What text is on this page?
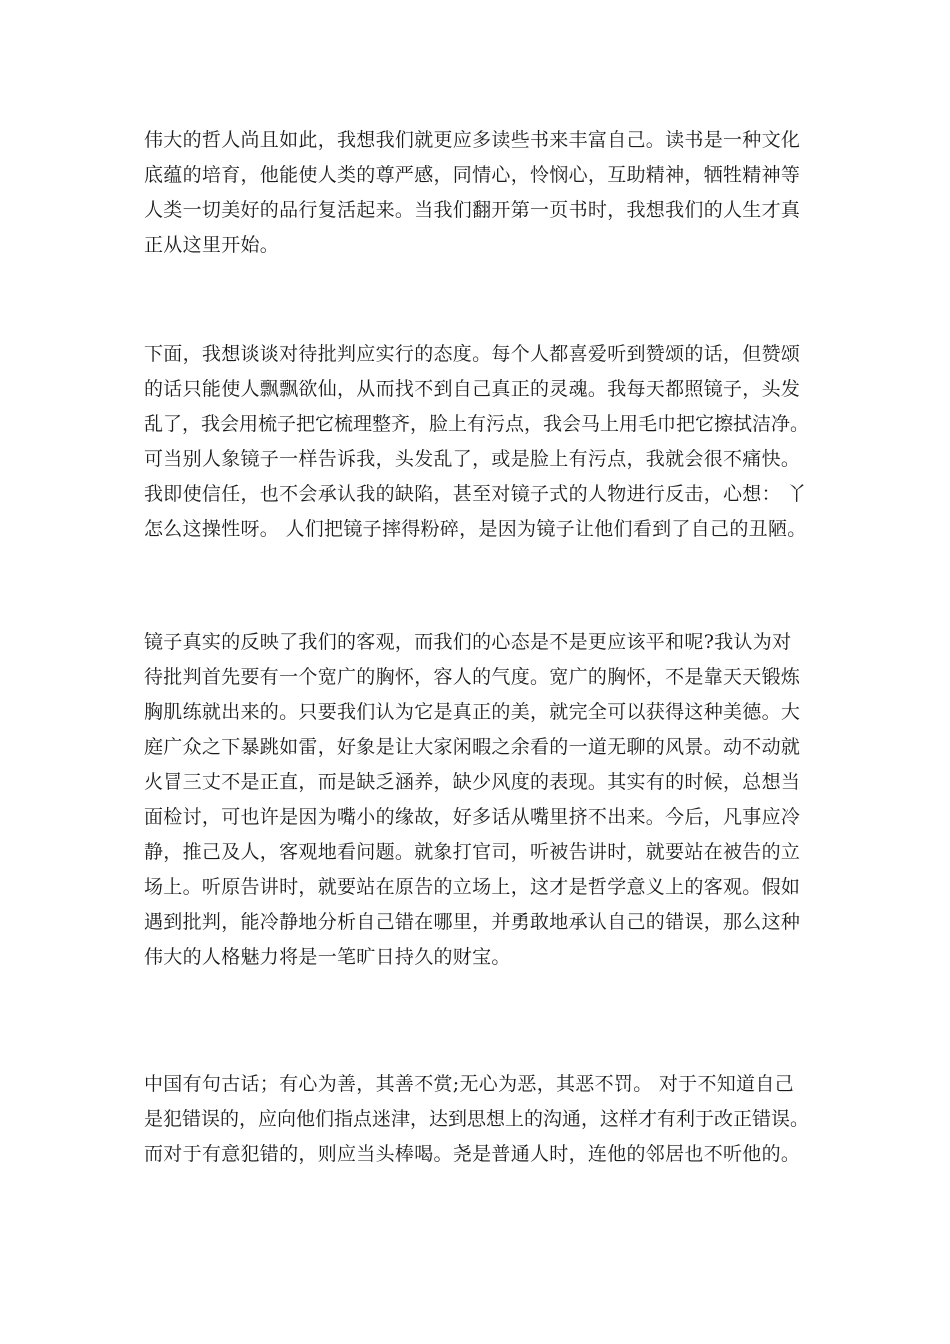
伟大的哲人尚且如此，我想我们就更应多读些书来丰富自己。读书是一种文化
底蕴的培育，他能使人类的尊严感，同情心，怜悯心，互助精神，牺牲精神等
人类一切美好的品行复活起来。当我们翻开第一页书时，我想我们的人生才真
正从这里开始。

下面，我想谈谈对待批判应实行的态度。每个人都喜爱听到赞颂的话，但赞颂
的话只能使人飘飘欲仙，从而找不到自己真正的灵魂。我每天都照镜子，头发
乱了，我会用梳子把它梳理整齐，脸上有污点，我会马上用毛巾把它擦拭洁净。
可当别人象镜子一样告诉我，头发乱了，或是脸上有污点，我就会很不痛快。
我即使信任，也不会承认我的缺陷，甚至对镜子式的人物进行反击，心想： 丫
怎么这操性呀。 人们把镜子摔得粉碎，是因为镜子让他们看到了自己的丑陋。

镜子真实的反映了我们的客观，而我们的心态是不是更应该平和呢?我认为对
待批判首先要有一个宽广的胸怀，容人的气度。宽广的胸怀，不是靠天天锻炼
胸肌练就出来的。只要我们认为它是真正的美，就完全可以获得这种美德。大
庭广众之下暴跳如雷，好象是让大家闲暇之余看的一道无聊的风景。动不动就
火冒三丈不是正直，而是缺乏涵养，缺少风度的表现。其实有的时候，总想当
面检讨，可也许是因为嘴小的缘故，好多话从嘴里挤不出来。今后，凡事应冷
静，推己及人，客观地看问题。就象打官司，听被告讲时，就要站在被告的立
场上。听原告讲时，就要站在原告的立场上，这才是哲学意义上的客观。假如
遇到批判，能冷静地分析自己错在哪里，并勇敢地承认自己的错误，那么这种
伟大的人格魅力将是一笔旷日持久的财宝。

中国有句古话；有心为善，其善不赏;无心为恶，其恶不罚。 对于不知道自己
是犯错误的，应向他们指点迷津，达到思想上的沟通，这样才有利于改正错误。
而对于有意犯错的，则应当头棒喝。尧是普通人时，连他的邻居也不听他的。
